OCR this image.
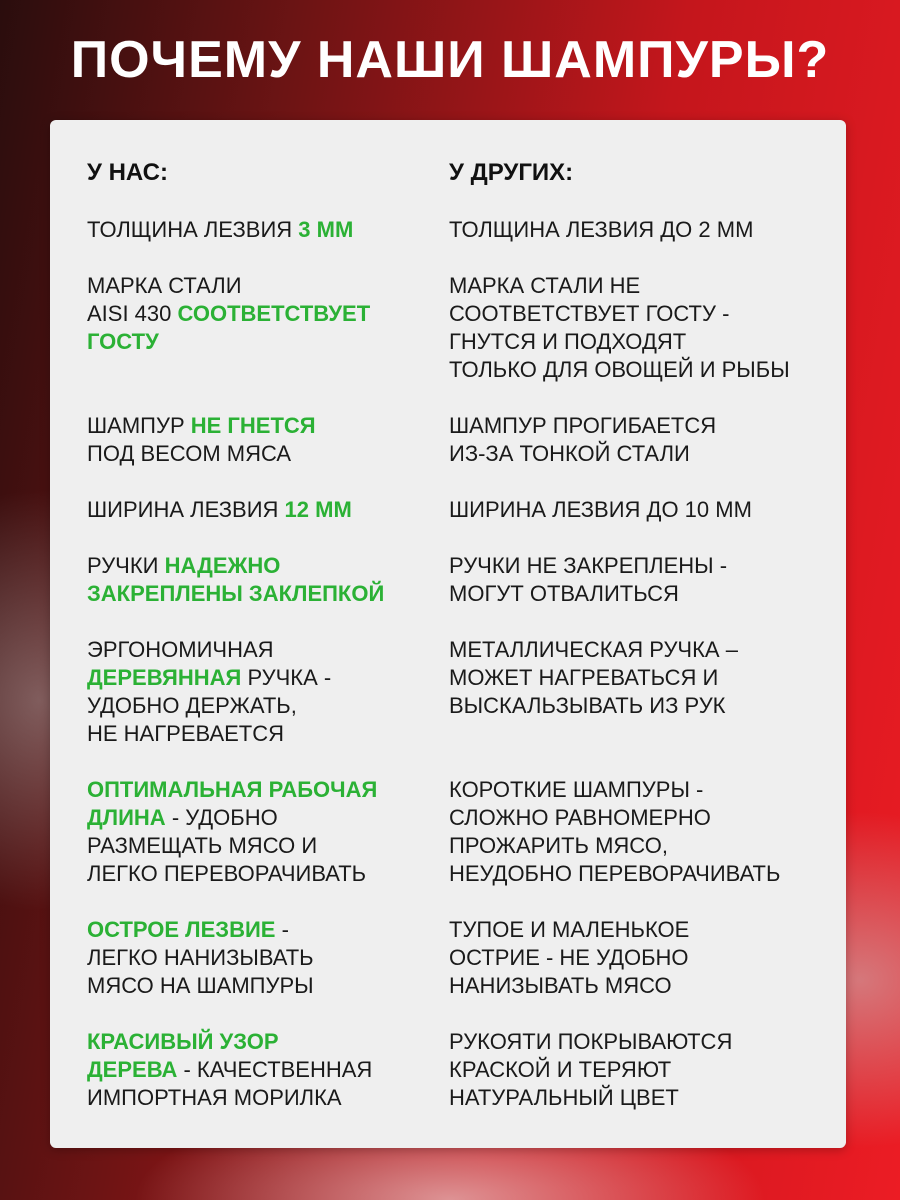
ПОЧЕМУ НАШИ ШАМПУРЫ?
У НАС:
ТОЛЩИНА ЛЕЗВИЯ 3 ММ
МАРКА СТАЛИ
AISI 430 СООТВЕТСТВУЕТ
ГОСТУ
ШАМПУР НЕ ГНЕТСЯ
ПОД ВЕСОМ МЯСА
ШИРИНА ЛЕЗВИЯ 12 ММ
РУЧКИ НАДЕЖНО
ЗАКРЕПЛЕНЫ ЗАКЛЕПКОЙ
ЭРГОНОМИЧНАЯ
ДЕРЕВЯННАЯ РУЧКА -
УДОБНО ДЕРЖАТЬ,
НЕ НАГРЕВАЕТСЯ
ОПТИМАЛЬНАЯ РАБОЧАЯ
ДЛИНА - УДОБНО
РАЗМЕЩАТЬ МЯСО И
ЛЕГКО ПЕРЕВОРАЧИВАТЬ
ОСТРОЕ ЛЕЗВИЕ -
ЛЕГКО НАНИЗЫВАТЬ
МЯСО НА ШАМПУРЫ
КРАСИВЫЙ УЗОР
ДЕРЕВА - КАЧЕСТВЕННАЯ
ИМПОРТНАЯ МОРИЛКА
У ДРУГИХ:
ТОЛЩИНА ЛЕЗВИЯ ДО 2 ММ
МАРКА СТАЛИ НЕ
СООТВЕТСТВУЕТ ГОСТУ -
ГНУТСЯ И ПОДХОДЯТ
ТОЛЬКО ДЛЯ ОВОЩЕЙ И РЫБЫ
ШАМПУР ПРОГИБАЕТСЯ
ИЗ-ЗА ТОНКОЙ СТАЛИ
ШИРИНА ЛЕЗВИЯ ДО 10 ММ
РУЧКИ НЕ ЗАКРЕПЛЕНЫ -
МОГУТ ОТВАЛИТЬСЯ
МЕТАЛЛИЧЕСКАЯ РУЧКА –
МОЖЕТ НАГРЕВАТЬСЯ И
ВЫСКАЛЬЗЫВАТЬ ИЗ РУК
КОРОТКИЕ ШАМПУРЫ -
СЛОЖНО РАВНОМЕРНО
ПРОЖАРИТЬ МЯСО,
НЕУДОБНО ПЕРЕВОРАЧИВАТЬ
ТУПОЕ И МАЛЕНЬКОЕ
ОСТРИЕ - НЕ УДОБНО
НАНИЗЫВАТЬ МЯСО
РУКОЯТИ ПОКРЫВАЮТСЯ
КРАСКОЙ И ТЕРЯЮТ
НАТУРАЛЬНЫЙ ЦВЕТ
